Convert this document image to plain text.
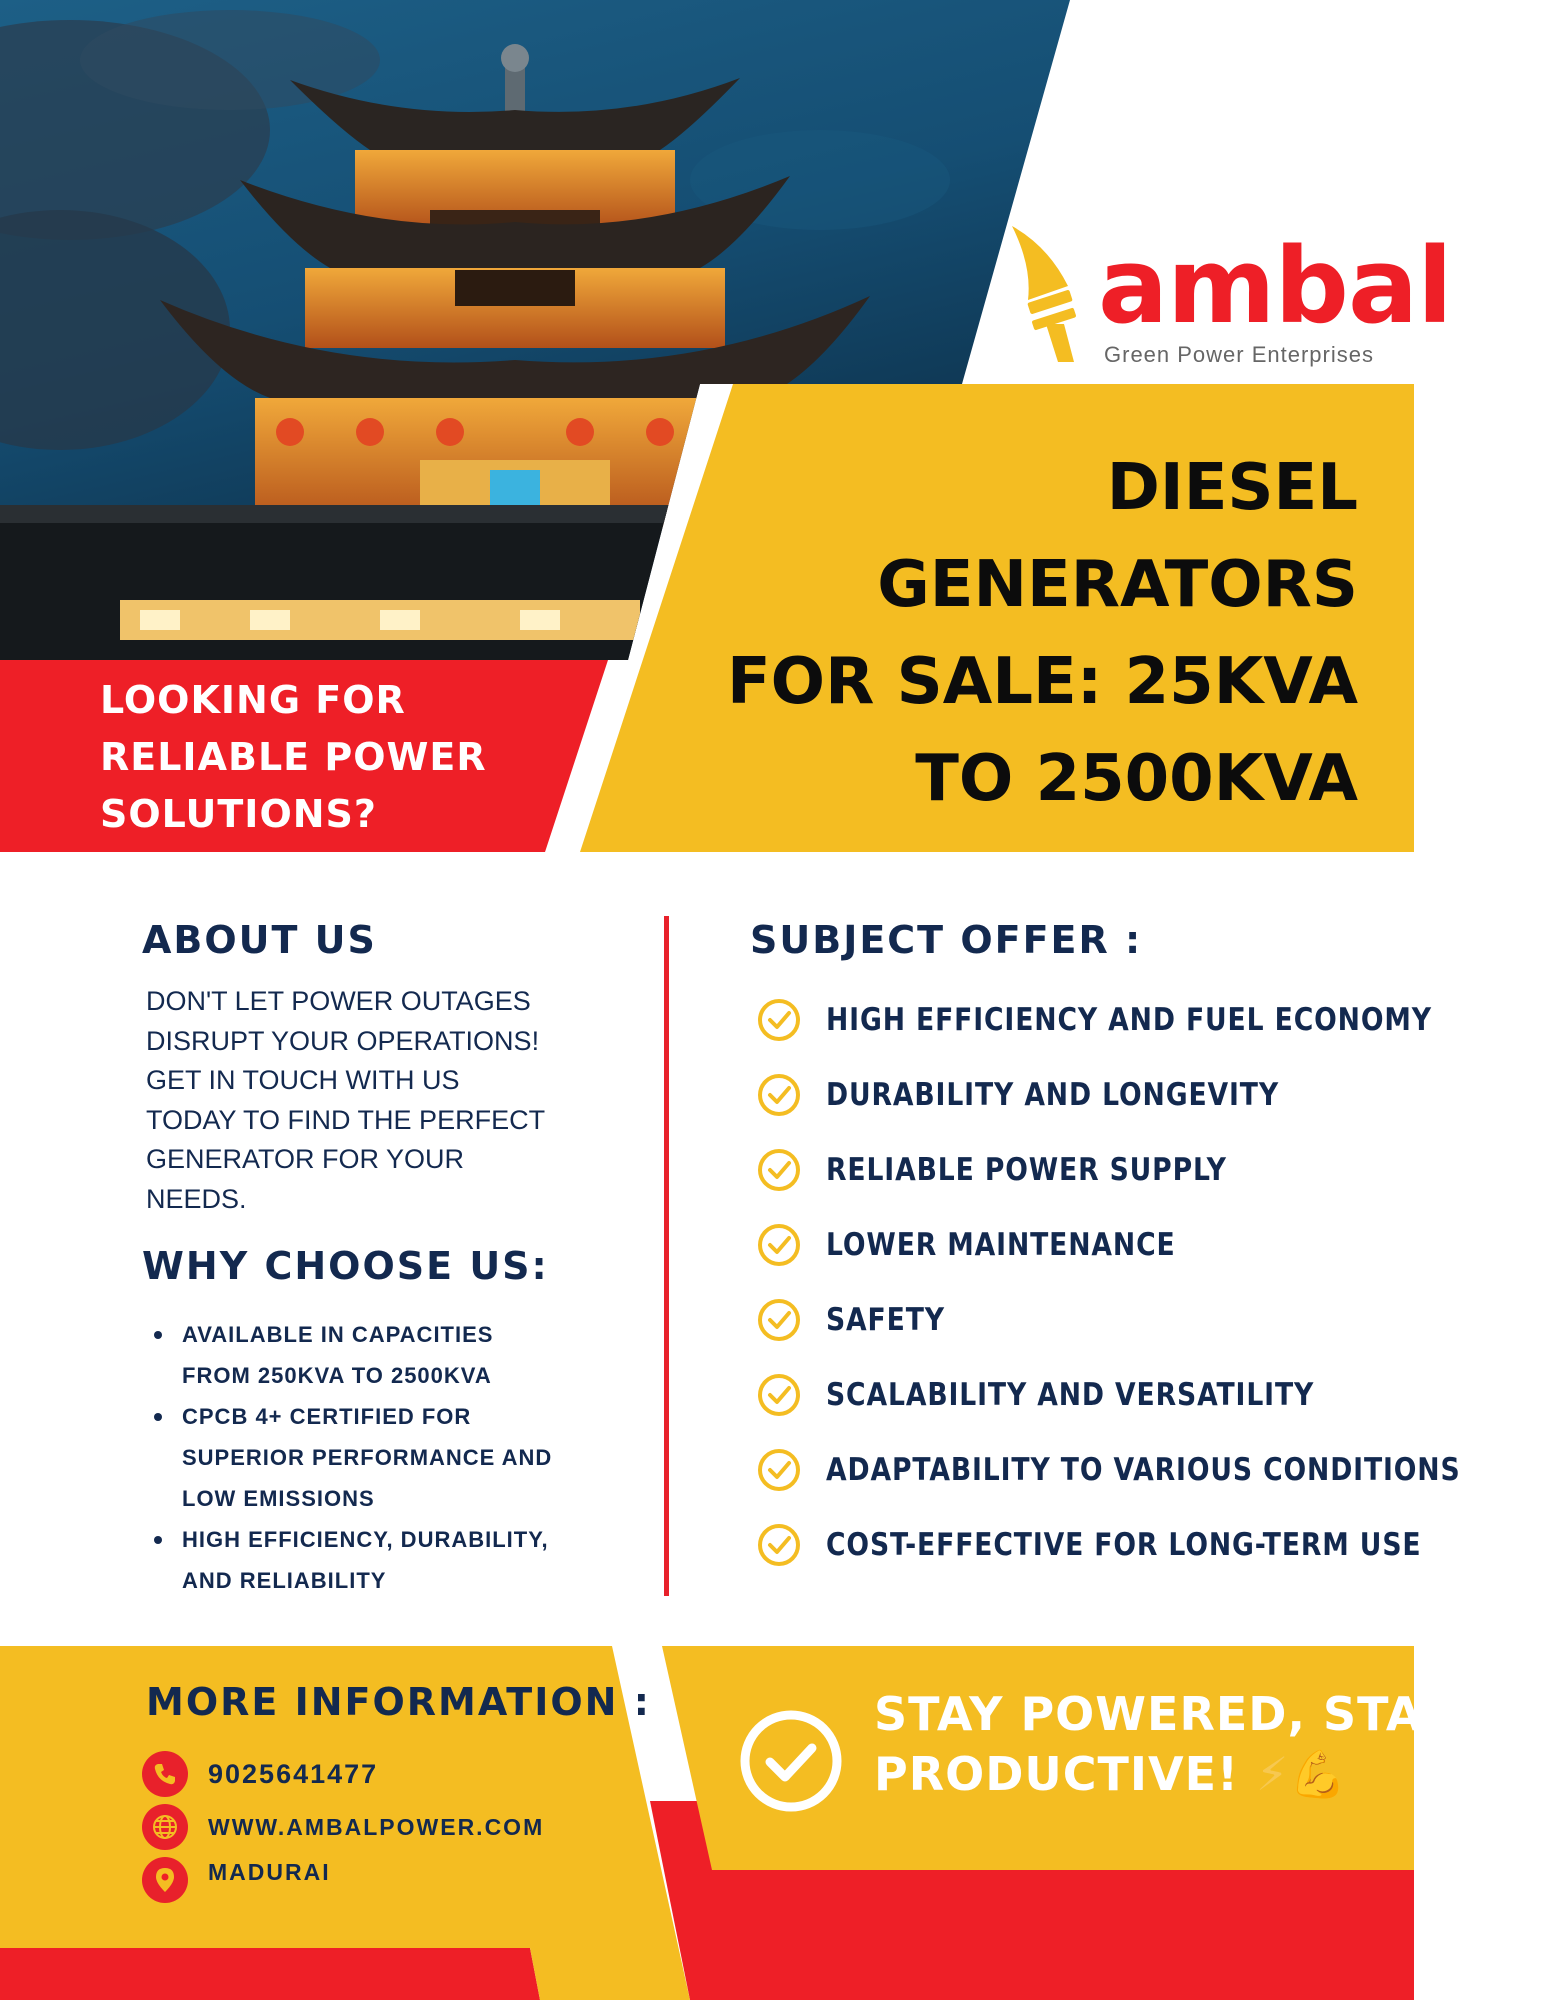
ambal
Green Power Enterprises
DIESEL
GENERATORS
FOR SALE: 25KVA
TO 2500KVA
LOOKING FOR
RELIABLE POWER
SOLUTIONS?
ABOUT US
DON'T LET POWER OUTAGES
DISRUPT YOUR OPERATIONS!
GET IN TOUCH WITH US
TODAY TO FIND THE PERFECT
GENERATOR FOR YOUR
NEEDS.
WHY CHOOSE US:
AVAILABLE IN CAPACITIES
FROM 250KVA TO 2500KVA
CPCB 4+ CERTIFIED FOR
SUPERIOR PERFORMANCE AND
LOW EMISSIONS
HIGH EFFICIENCY, DURABILITY,
AND RELIABILITY
SUBJECT OFFER :
HIGH EFFICIENCY AND FUEL ECONOMY
DURABILITY AND LONGEVITY
RELIABLE POWER SUPPLY
LOWER MAINTENANCE
SAFETY
SCALABILITY AND VERSATILITY
ADAPTABILITY TO VARIOUS CONDITIONS
COST-EFFECTIVE FOR LONG-TERM USE
MORE INFORMATION :
9025641477
WWW.AMBALPOWER.COM
MADURAI
STAY POWERED, STAY
PRODUCTIVE! ⚡💪
